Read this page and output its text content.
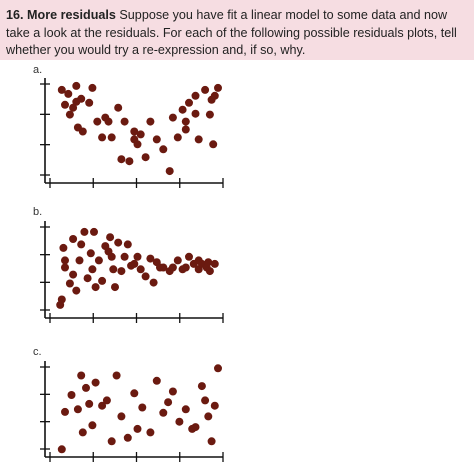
16. More residuals Suppose you have fit a linear model to some data and now take a look at the residuals. For each of the following possible residuals plots, tell whether you would try a re-expression and, if so, why.

a.
b.
c.
